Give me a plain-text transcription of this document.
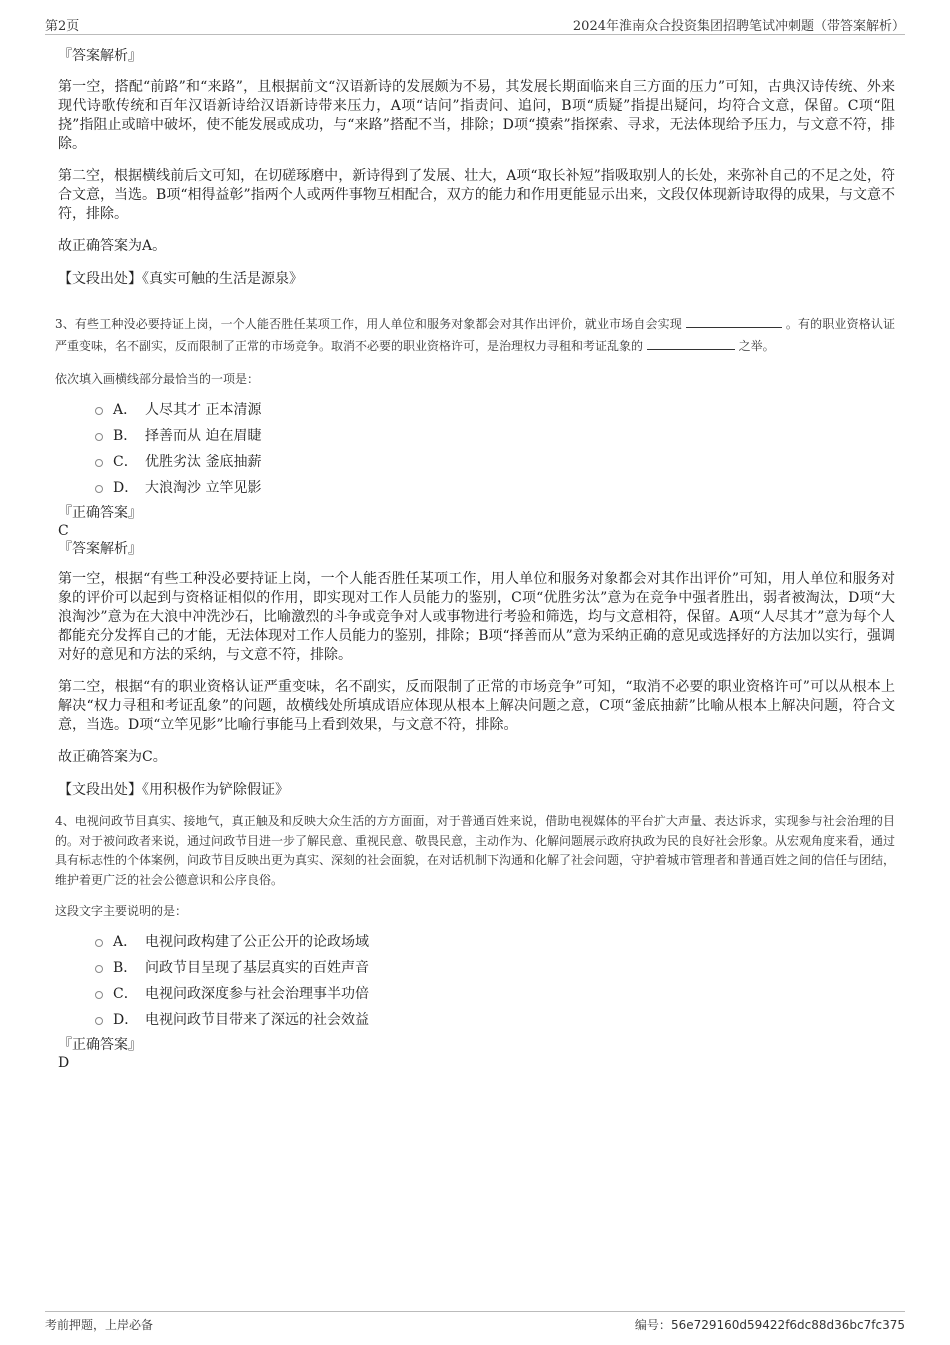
第2页	2024年淮南众合投资集团招聘笔试冲刺题（带答案解析）
『答案解析』

第一空，搭配“前路”和“来路”，且根据前文“汉语新诗的发展颇为不易，其发展长期面临来自三方面的压力”可知，古典汉诗传统、外来现代诗歌传统和百年汉语新诗给汉语新诗带来压力，A项“诘问”指责问、追问，B项“质疑”指提出疑问，均符合文意，保留。C项“阻挠”指阻止或暗中破坏，使不能发展或成功，与“来路”搭配不当，排除；D项“摸索”指探索、寻求，无法体现给予压力，与文意不符，排除。

第二空，根据横线前后文可知，在切磋琢磨中，新诗得到了发展、壮大，A项“取长补短”指吸取别人的长处，来弥补自己的不足之处，符合文意，当选。B项“相得益彰”指两个人或两件事物互相配合，双方的能力和作用更能显示出来，文段仅体现新诗取得的成果，与文意不符，排除。

故正确答案为A。

【文段出处】《真实可触的生活是源泉》
3、有些工种没必要持证上岗，一个人能否胜任某项工作，用人单位和服务对象都会对其作出评价，就业市场自会实现	。有的职业资格认证严重变味，名不副实，反而限制了正常的市场竞争。取消不必要的职业资格许可，是治理权力寻租和考证乱象的	之举。
依次填入画横线部分最恰当的一项是：
A． 人尽其才 正本清源
B． 择善而从 迫在眉睫
C． 优胜劣汰 釜底抽薪
D． 大浪淘沙 立竿见影
『正确答案』
C
『答案解析』

第一空，根据“有些工种没必要持证上岗，一个人能否胜任某项工作，用人单位和服务对象都会对其作出评价”可知，用人单位和服务对象的评价可以起到与资格证相似的作用，即实现对工作人员能力的鉴别，C项“优胜劣汰”意为在竞争中强者胜出，弱者被淘汰，D项“大浪淘沙”意为在大浪中冲洗沙石，比喻激烈的斗争或竞争对人或事物进行考验和筛选，均与文意相符，保留。A项“人尽其才”意为每个人都能充分发挥自己的才能，无法体现对工作人员能力的鉴别，排除；B项“择善而从”意为采纳正确的意见或选择好的方法加以实行，强调对好的意见和方法的采纳，与文意不符，排除。

第二空，根据“有的职业资格认证严重变味，名不副实，反而限制了正常的市场竞争”可知，“取消不必要的职业资格许可”可以从根本上解决“权力寻租和考证乱象”的问题，故横线处所填成语应体现从根本上解决问题之意，C项“釜底抽薪”比喻从根本上解决问题，符合文意，当选。D项“立竿见影”比喻行事能马上看到效果，与文意不符，排除。

故正确答案为C。

【文段出处】《用积极作为铲除假证》
4、电视问政节目真实、接地气，真正触及和反映大众生活的方方面面，对于普通百姓来说，借助电视媒体的平台扩大声量、表达诉求，实现参与社会治理的目的。对于被问政者来说，通过问政节目进一步了解民意、重视民意、敬畏民意，主动作为、化解问题展示政府执政为民的良好社会形象。从宏观角度来看，通过具有标志性的个体案例，问政节目反映出更为真实、深刻的社会面貌，在对话机制下沟通和化解了社会问题，守护着城市管理者和普通百姓之间的信任与团结，维护着更广泛的社会公德意识和公序良俗。
这段文字主要说明的是：
A． 电视问政构建了公正公开的论政场域
B． 问政节目呈现了基层真实的百姓声音
C． 电视问政深度参与社会治理事半功倍
D． 电视问政节目带来了深远的社会效益
『正确答案』
D
考前押题，上岸必备	编号：56e729160d59422f6dc88d36bc7fc375
